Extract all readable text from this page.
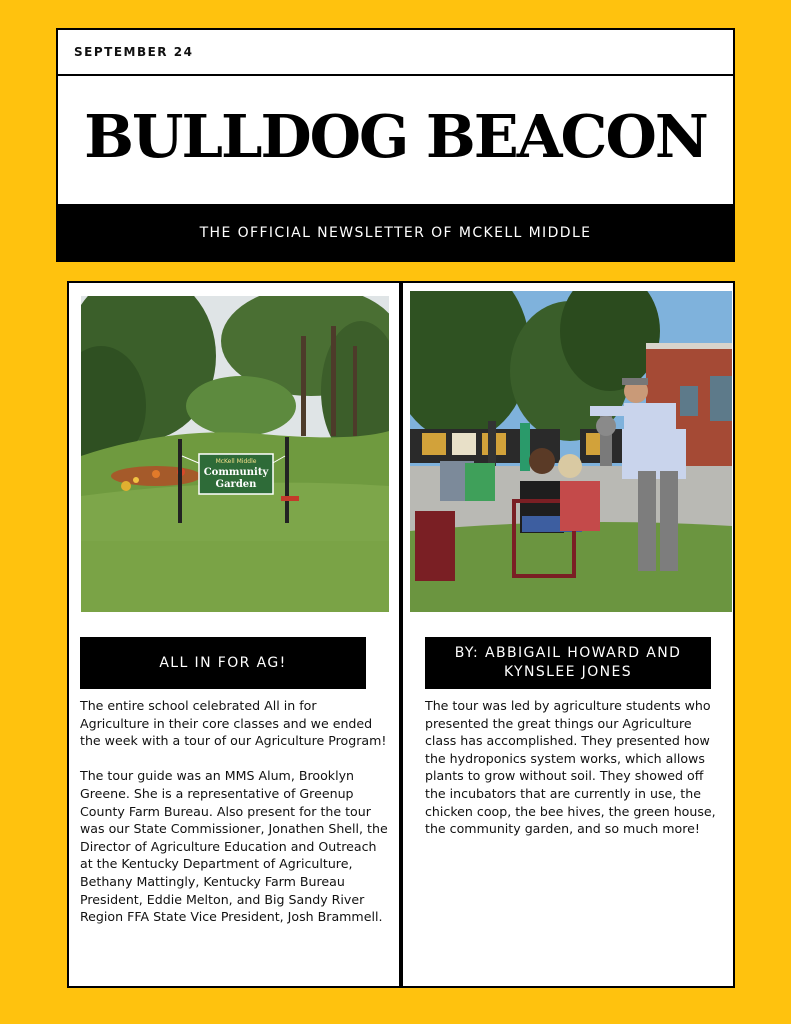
SEPTEMBER 24
BULLDOG BEACON
THE OFFICIAL NEWSLETTER OF MCKELL MIDDLE
McKell Middle
Community
Garden
ALL IN FOR AG!
The entire school celebrated All in for Agriculture in their core classes and we ended the week with a tour of our Agriculture Program!

The tour guide was an MMS Alum, Brooklyn Greene. She is a representative of Greenup County Farm Bureau. Also present for the tour was our State Commissioner, Jonathen Shell, the Director of Agriculture Education and Outreach at the Kentucky Department of Agriculture, Bethany Mattingly, Kentucky Farm Bureau President, Eddie Melton, and Big Sandy River Region FFA State Vice President, Josh Brammell.
BY: ABBIGAIL HOWARD AND KYNSLEE JONES
The tour was led by agriculture students who presented the great things our Agriculture class has accomplished. They presented how the hydroponics system works, which allows plants to grow without soil. They showed off the incubators that are currently in use, the chicken coop, the bee hives, the green house, the community garden, and so much more!
